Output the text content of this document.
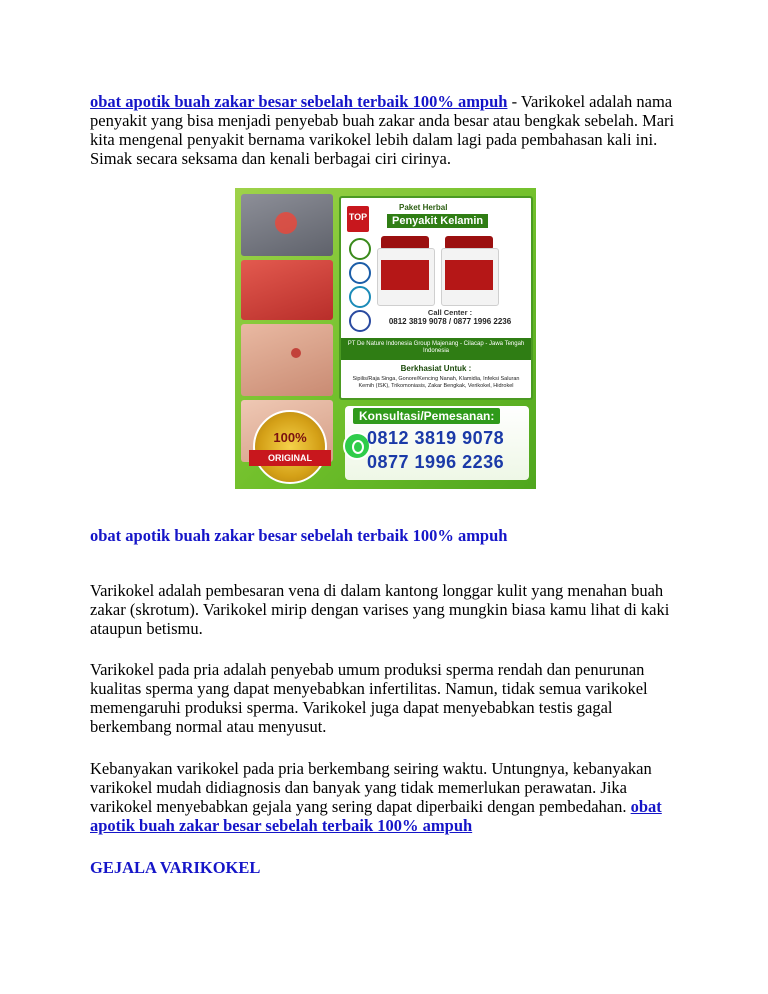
obat apotik buah zakar besar sebelah terbaik 100% ampuh - Varikokel adalah nama penyakit yang bisa menjadi penyebab buah zakar anda besar atau bengkak sebelah. Mari kita mengenal penyakit bernama varikokel lebih dalam lagi pada pembahasan kali ini. Simak secara seksama dan kenali berbagai ciri cirinya.
TOP
Paket Herbal
Penyakit Kelamin
Call Center :
0812 3819 9078 / 0877 1996 2236
PT De Nature Indonesia Group Majenang - Cilacap - Jawa Tengah Indonesia
Berkhasiat Untuk :
Sipilis/Raja Singa, Gonore/Kencing Nanah, Klamidia, Infeksi Saluran Kemih (ISK), Trikomoniasis, Zakar Bengkak, Verikokel, Hidrokel
100%
ORIGINAL
Konsultasi/Pemesanan:
0812 3819 9078
0877 1996 2236
obat apotik buah zakar besar sebelah terbaik 100% ampuh
Varikokel adalah pembesaran vena di dalam kantong longgar kulit yang menahan buah zakar (skrotum). Varikokel mirip dengan varises yang mungkin biasa kamu lihat di kaki ataupun betismu.
Varikokel pada pria adalah penyebab umum produksi sperma rendah dan penurunan kualitas sperma yang dapat menyebabkan infertilitas. Namun, tidak semua varikokel memengaruhi produksi sperma. Varikokel juga dapat menyebabkan testis gagal berkembang normal atau menyusut.
Kebanyakan varikokel pada pria berkembang seiring waktu. Untungnya, kebanyakan varikokel mudah didiagnosis dan banyak yang tidak memerlukan perawatan. Jika varikokel menyebabkan gejala yang sering dapat diperbaiki dengan pembedahan. obat apotik buah zakar besar sebelah terbaik 100% ampuh
GEJALA VARIKOKEL
